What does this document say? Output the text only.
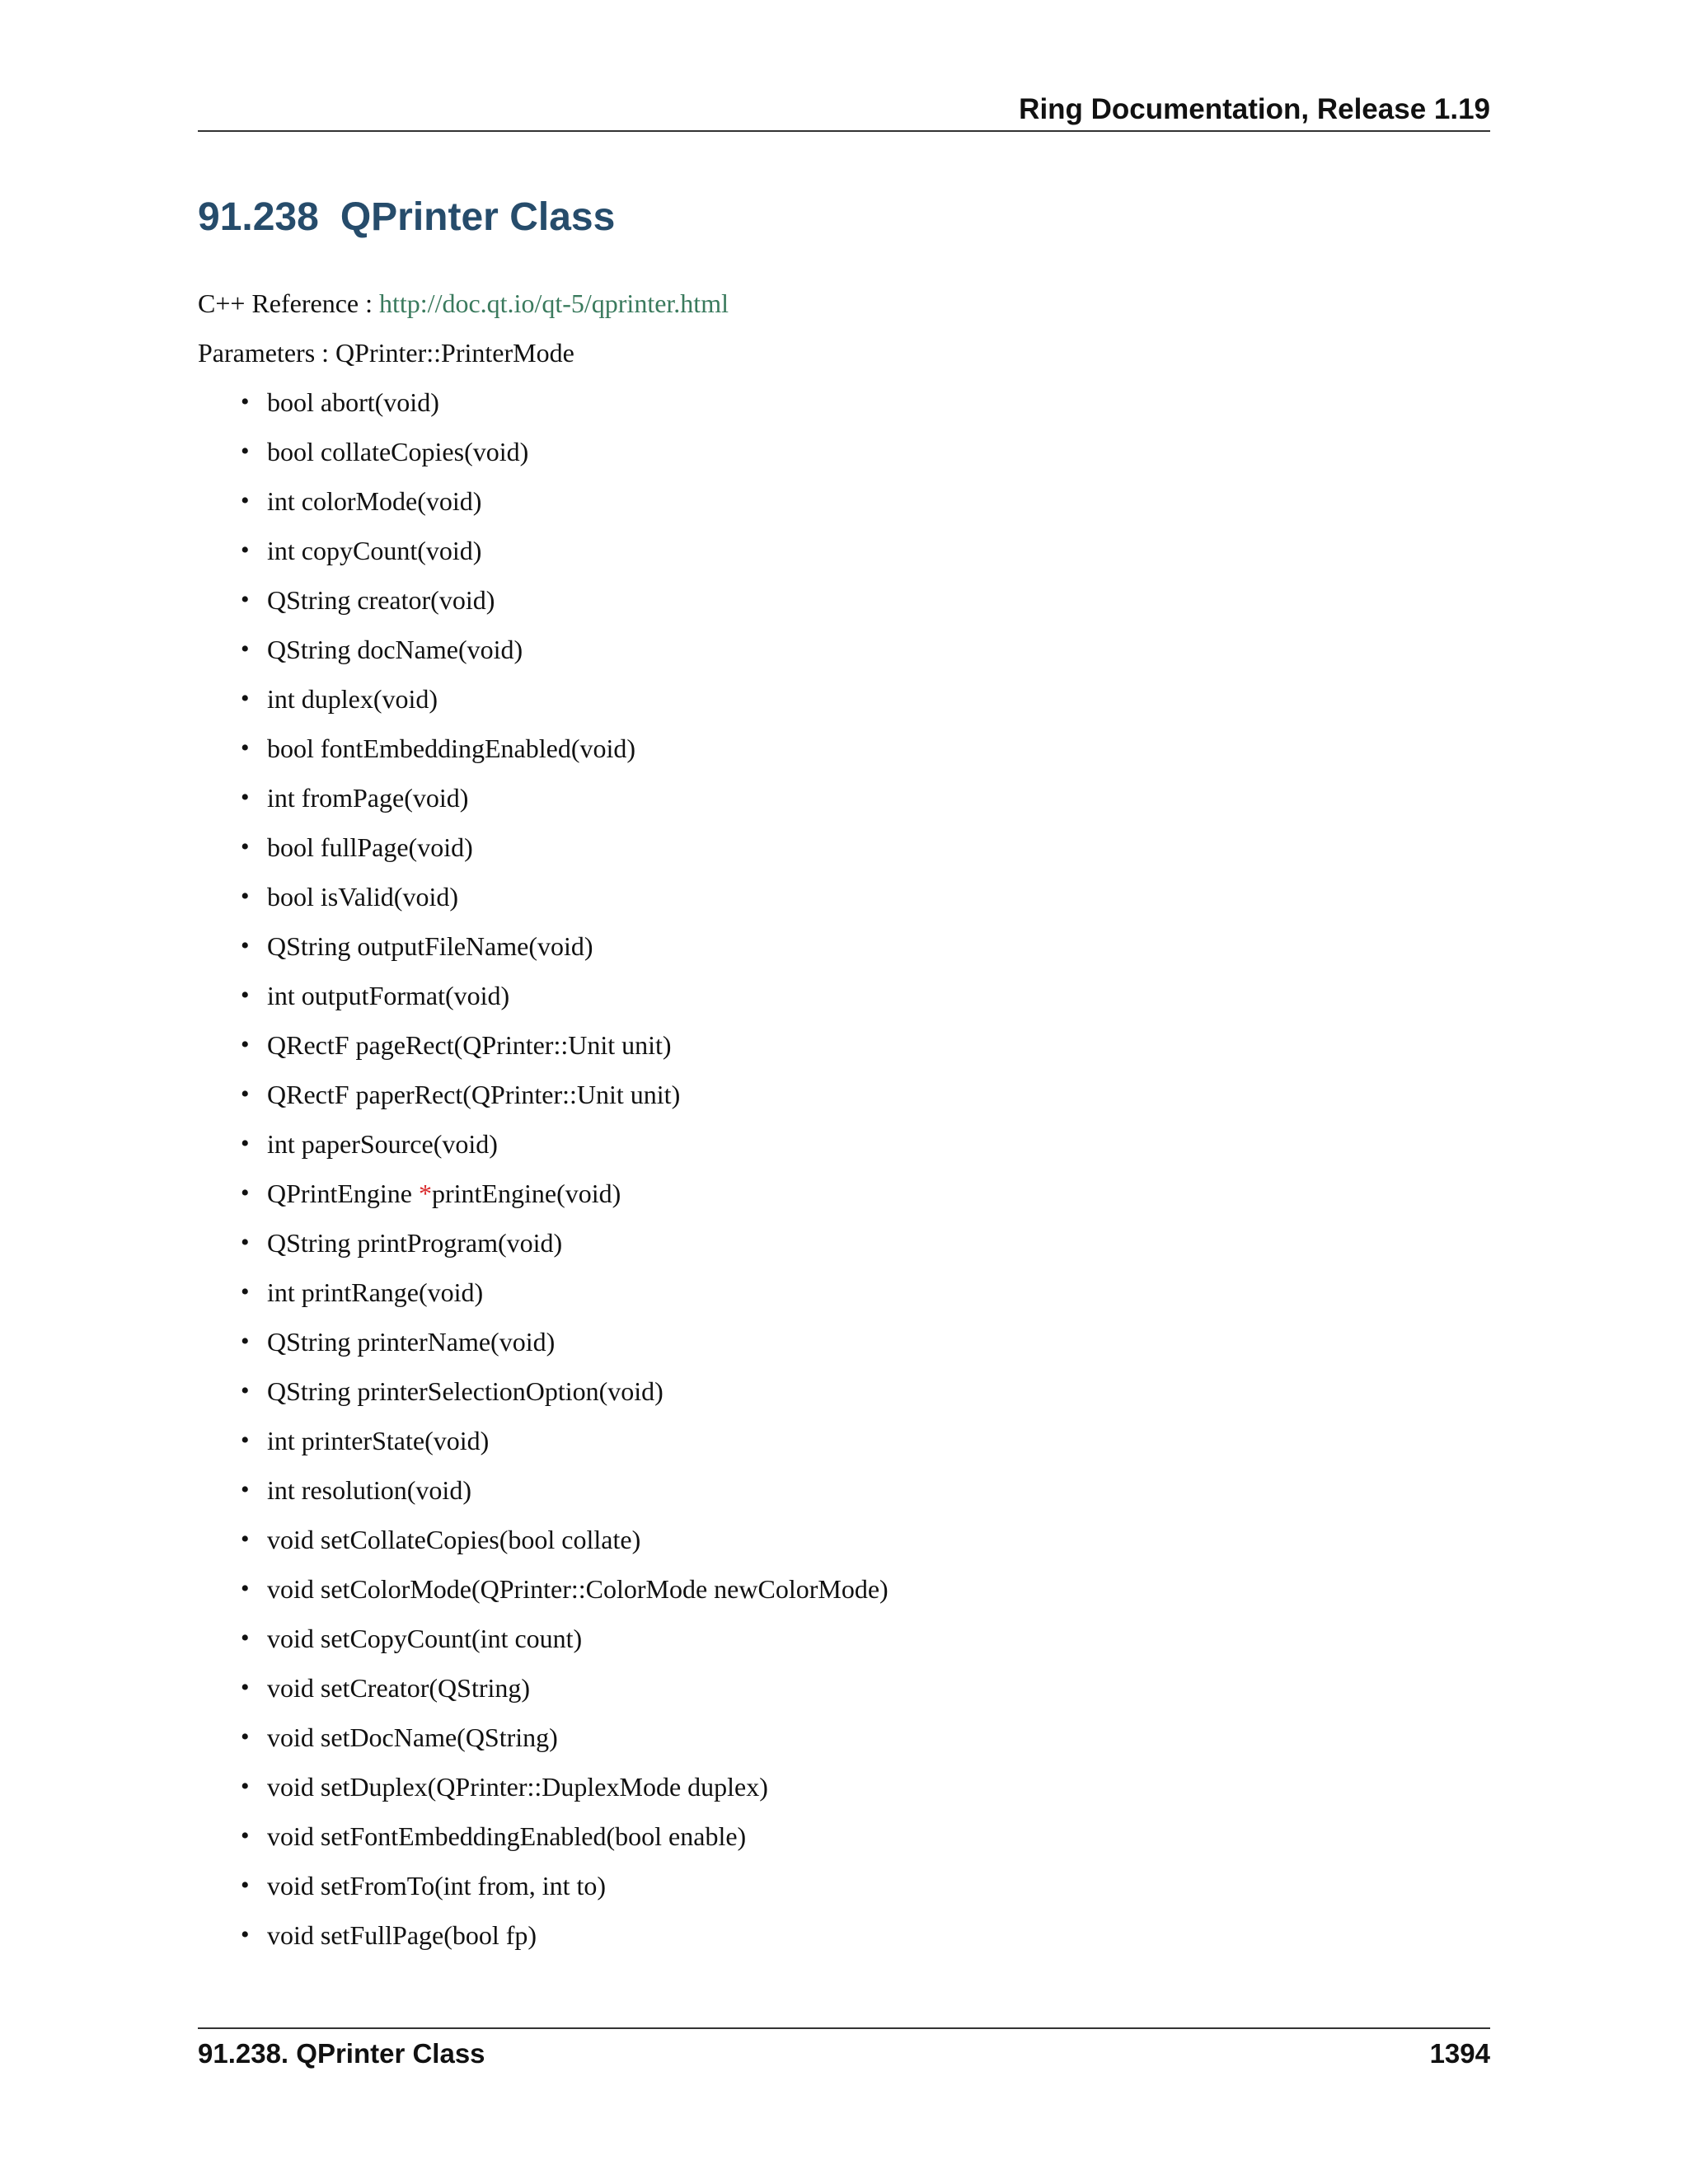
Ring Documentation, Release 1.19
91.238 QPrinter Class
C++ Reference : http://doc.qt.io/qt-5/qprinter.html
Parameters : QPrinter::PrinterMode
• bool abort(void)
• bool collateCopies(void)
• int colorMode(void)
• int copyCount(void)
• QString creator(void)
• QString docName(void)
• int duplex(void)
• bool fontEmbeddingEnabled(void)
• int fromPage(void)
• bool fullPage(void)
• bool isValid(void)
• QString outputFileName(void)
• int outputFormat(void)
• QRectF pageRect(QPrinter::Unit unit)
• QRectF paperRect(QPrinter::Unit unit)
• int paperSource(void)
• QPrintEngine *printEngine(void)
• QString printProgram(void)
• int printRange(void)
• QString printerName(void)
• QString printerSelectionOption(void)
• int printerState(void)
• int resolution(void)
• void setCollateCopies(bool collate)
• void setColorMode(QPrinter::ColorMode newColorMode)
• void setCopyCount(int count)
• void setCreator(QString)
• void setDocName(QString)
• void setDuplex(QPrinter::DuplexMode duplex)
• void setFontEmbeddingEnabled(bool enable)
• void setFromTo(int from, int to)
• void setFullPage(bool fp)
91.238. QPrinter Class	1394
